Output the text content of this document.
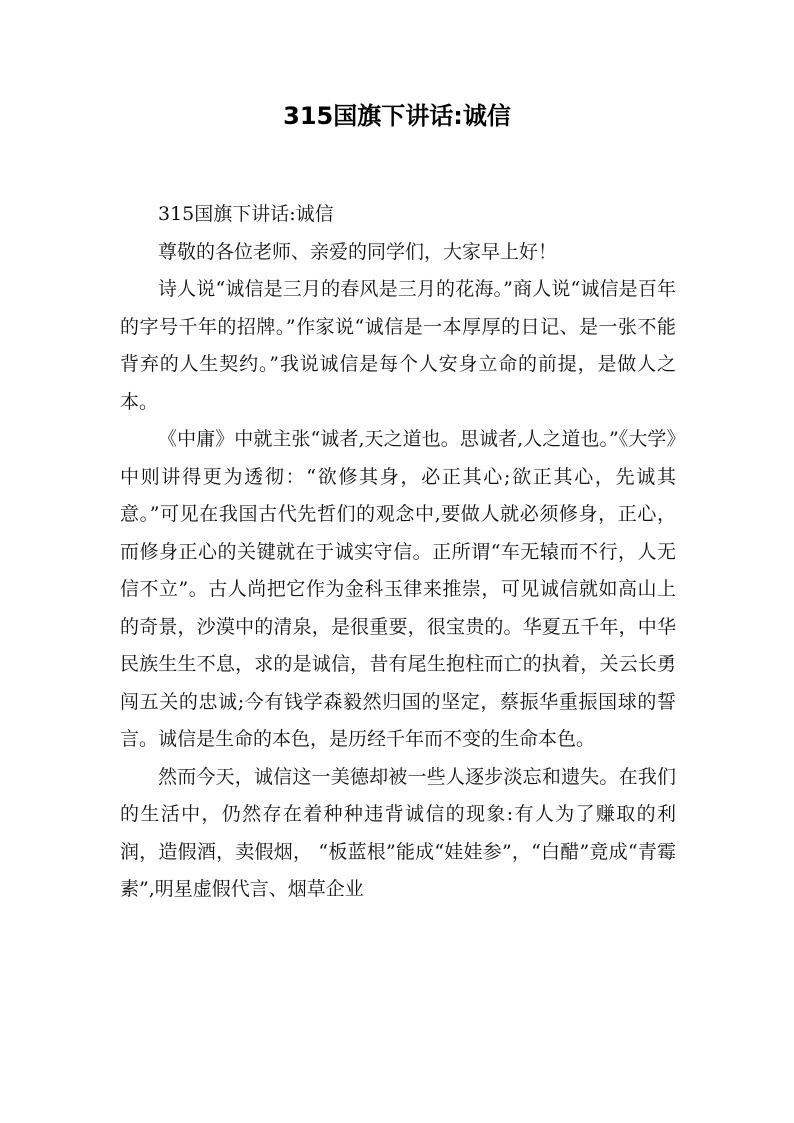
315国旗下讲话:诚信

315国旗下讲话:诚信

尊敬的各位老师、亲爱的同学们，大家早上好！

诗人说“诚信是三月的春风是三月的花海。”商人说“诚信是百年的字号千年的招牌。”作家说“诚信是一本厚厚的日记、是一张不能背弃的人生契约。”我说诚信是每个人安身立命的前提，是做人之本。

《中庸》中就主张“诚者,天之道也。思诚者,人之道也。”《大学》中则讲得更为透彻：“欲修其身，必正其心;欲正其心，先诚其意。”可见在我国古代先哲们的观念中,要做人就必须修身，正心，而修身正心的关键就在于诚实守信。正所谓“车无辕而不行，人无信不立”。古人尚把它作为金科玉律来推崇，可见诚信就如高山上的奇景，沙漠中的清泉，是很重要，很宝贵的。华夏五千年，中华民族生生不息，求的是诚信，昔有尾生抱柱而亡的执着，关云长勇闯五关的忠诚;今有钱学森毅然归国的坚定，蔡振华重振国球的誓言。诚信是生命的本色，是历经千年而不变的生命本色。

然而今天，诚信这一美德却被一些人逐步淡忘和遗失。在我们的生活中，仍然存在着种种违背诚信的现象:有人为了赚取的利润，造假酒，卖假烟， “板蓝根”能成“娃娃参”，“白醋”竟成“青霉素”,明星虚假代言、烟草企业
